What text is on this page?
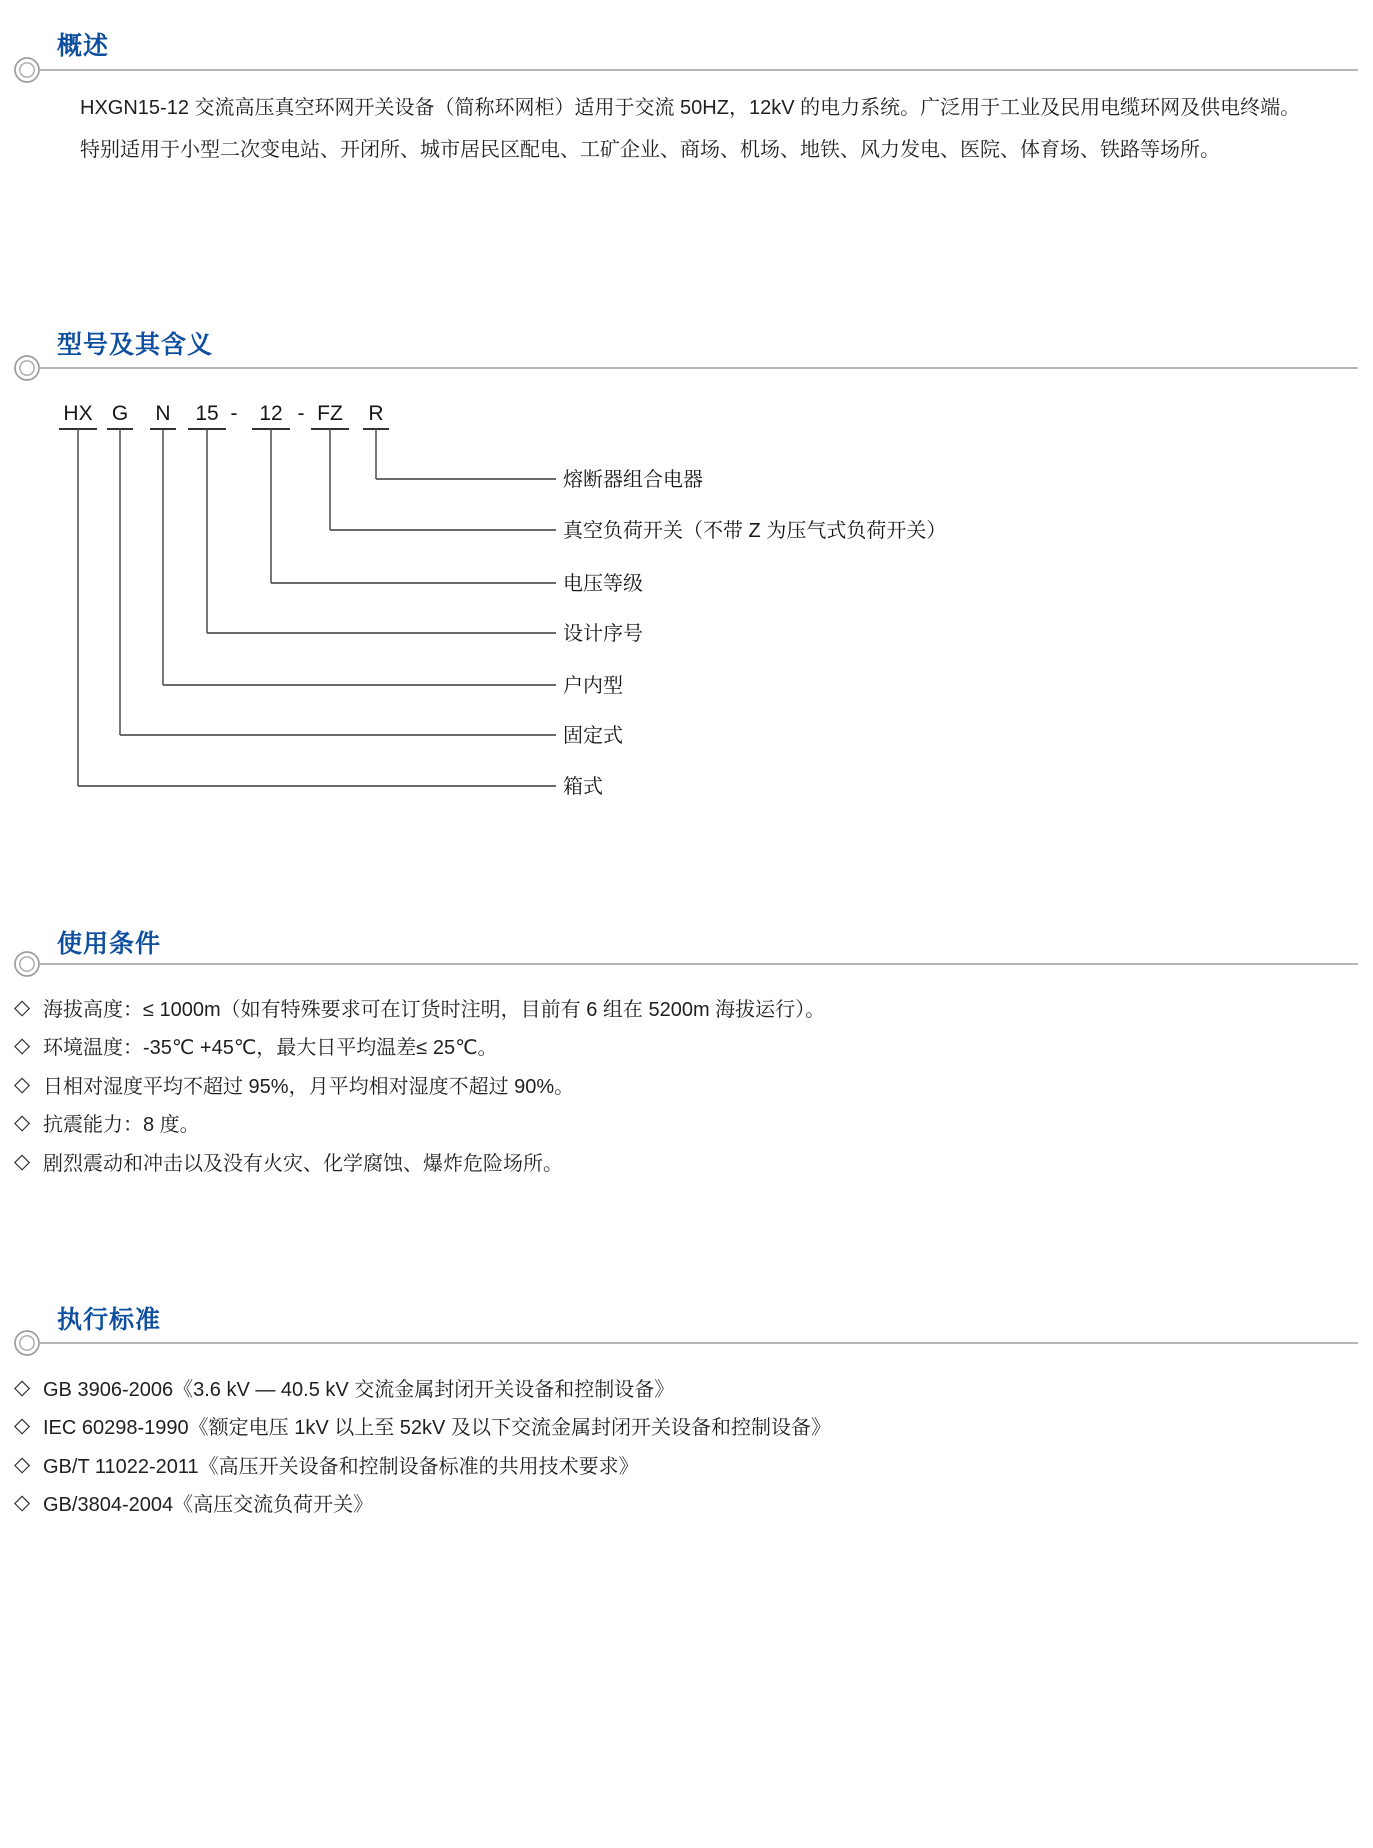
概述

HXGN15-12 交流高压真空环网开关设备（简称环网柜）适用于交流 50HZ，12kV 的电力系统。广泛用于工业及民用电缆环网及供电终端。

特别适用于小型二次变电站、开闭所、城市居民区配电、工矿企业、商场、机场、地铁、风力发电、医院、体育场、铁路等场所。

型号及其含义
HX
箱式
G
固定式
N
户内型
15
设计序号
- 12
电压等级
- FZ
真空负荷开关（不带 Z 为压气式负荷开关）
R
熔断器组合电器
使用条件
◇ 海拔高度：≤ 1000m（如有特殊要求可在订货时注明，目前有 6 组在 5200m 海拔运行）。
◇ 环境温度：-35℃ +45℃，最大日平均温差≤ 25℃。
◇ 日相对湿度平均不超过 95%，月平均相对湿度不超过 90%。
◇ 抗震能力：8 度。
◇ 剧烈震动和冲击以及没有火灾、化学腐蚀、爆炸危险场所。
执行标准
◇ GB 3906-2006《3.6 kV — 40.5 kV 交流金属封闭开关设备和控制设备》
◇ IEC 60298-1990《额定电压 1kV 以上至 52kV 及以下交流金属封闭开关设备和控制设备》
◇ GB/T 11022-2011《高压开关设备和控制设备标准的共用技术要求》
◇ GB/3804-2004《高压交流负荷开关》
